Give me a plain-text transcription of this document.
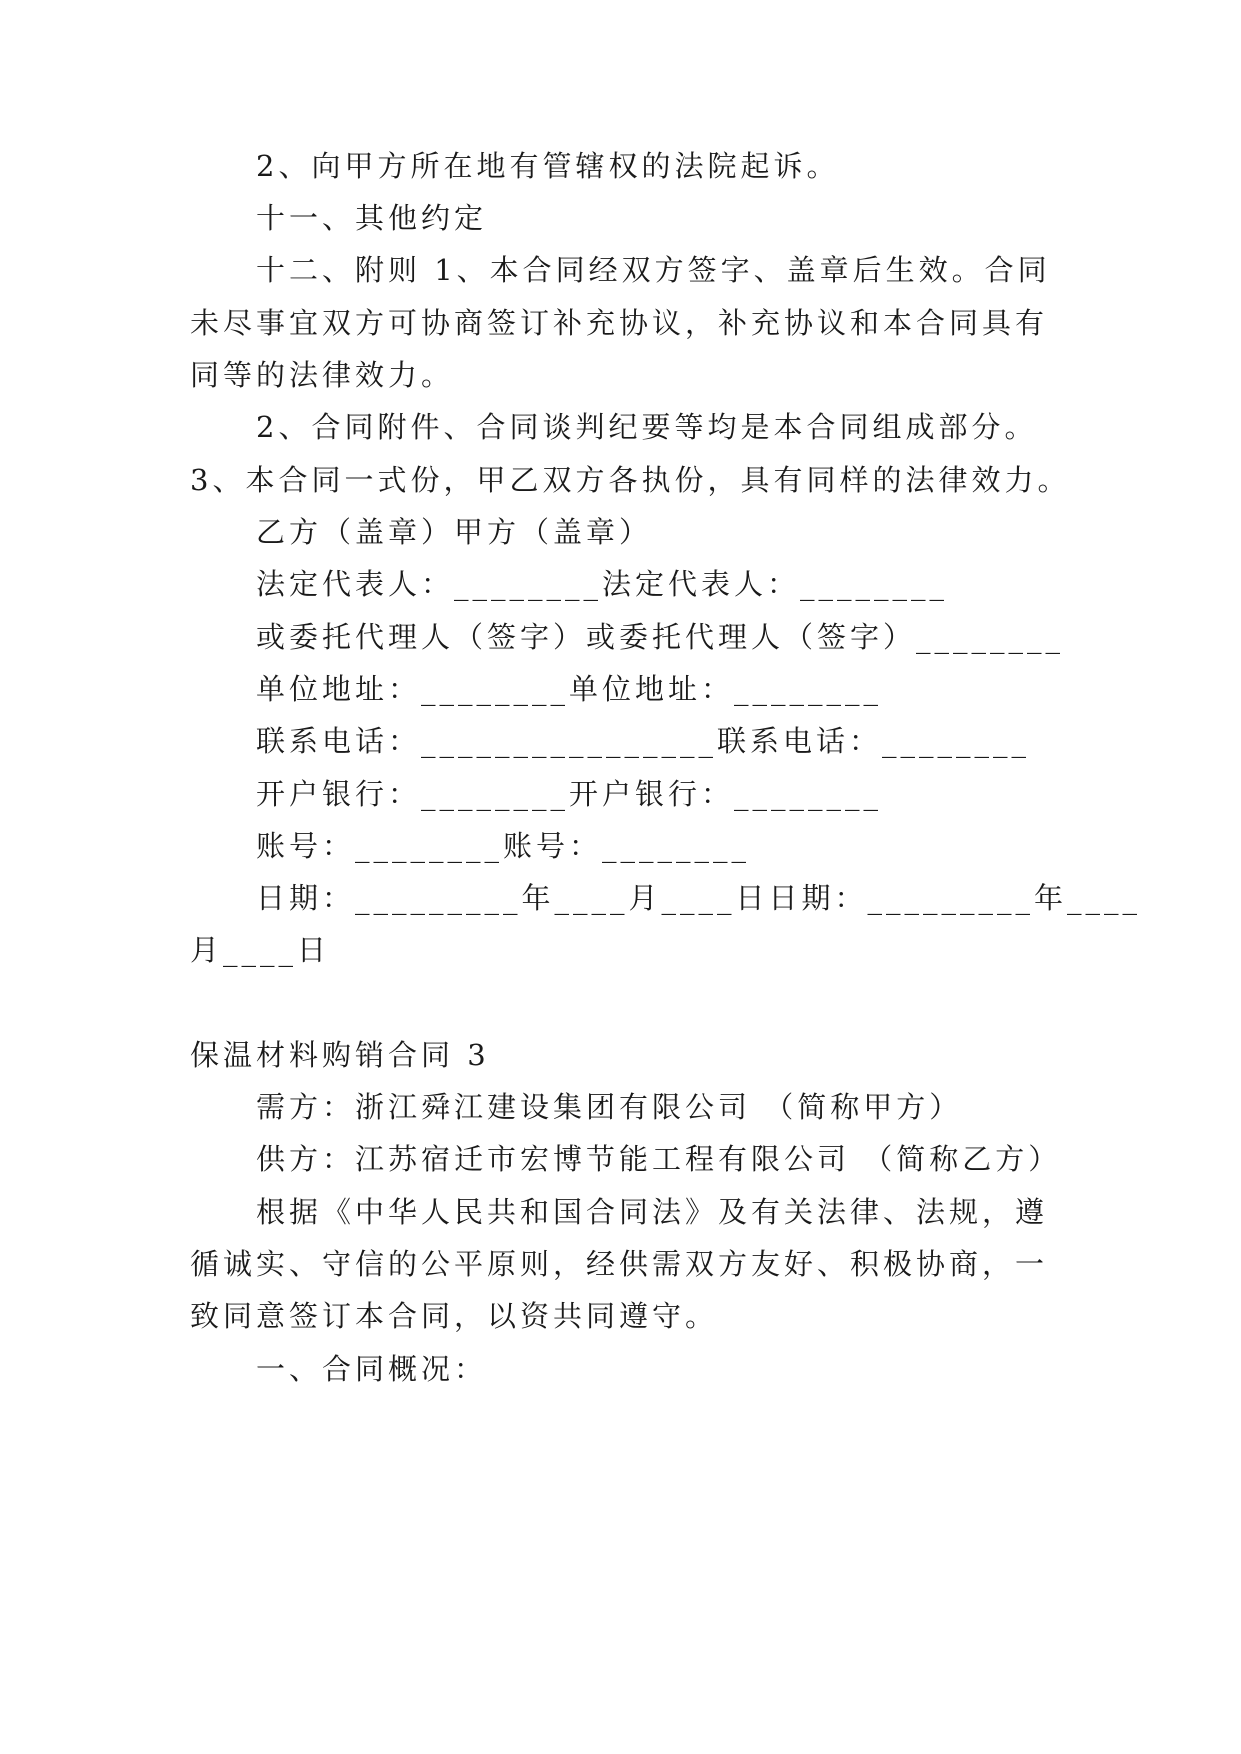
2、向甲方所在地有管辖权的法院起诉。
十一、其他约定
十二、附则 1、本合同经双方签字、盖章后生效。合同
未尽事宜双方可协商签订补充协议，补充协议和本合同具有
同等的法律效力。
2、合同附件、合同谈判纪要等均是本合同组成部分。
3、本合同一式份，甲乙双方各执份，具有同样的法律效力。
乙方（盖章）甲方（盖章）
法定代表人：________法定代表人：________
或委托代理人（签字）或委托代理人（签字）________
单位地址：________单位地址：________
联系电话：________________联系电话：________
开户银行：________开户银行：________
账号：________账号：________
日期：_________年____月____日日期：_________年____
月____日
保温材料购销合同 3
需方：浙江舜江建设集团有限公司 （简称甲方）
供方：江苏宿迁市宏博节能工程有限公司 （简称乙方）
根据《中华人民共和国合同法》及有关法律、法规，遵
循诚实、守信的公平原则，经供需双方友好、积极协商，一
致同意签订本合同，以资共同遵守。
一、合同概况：
